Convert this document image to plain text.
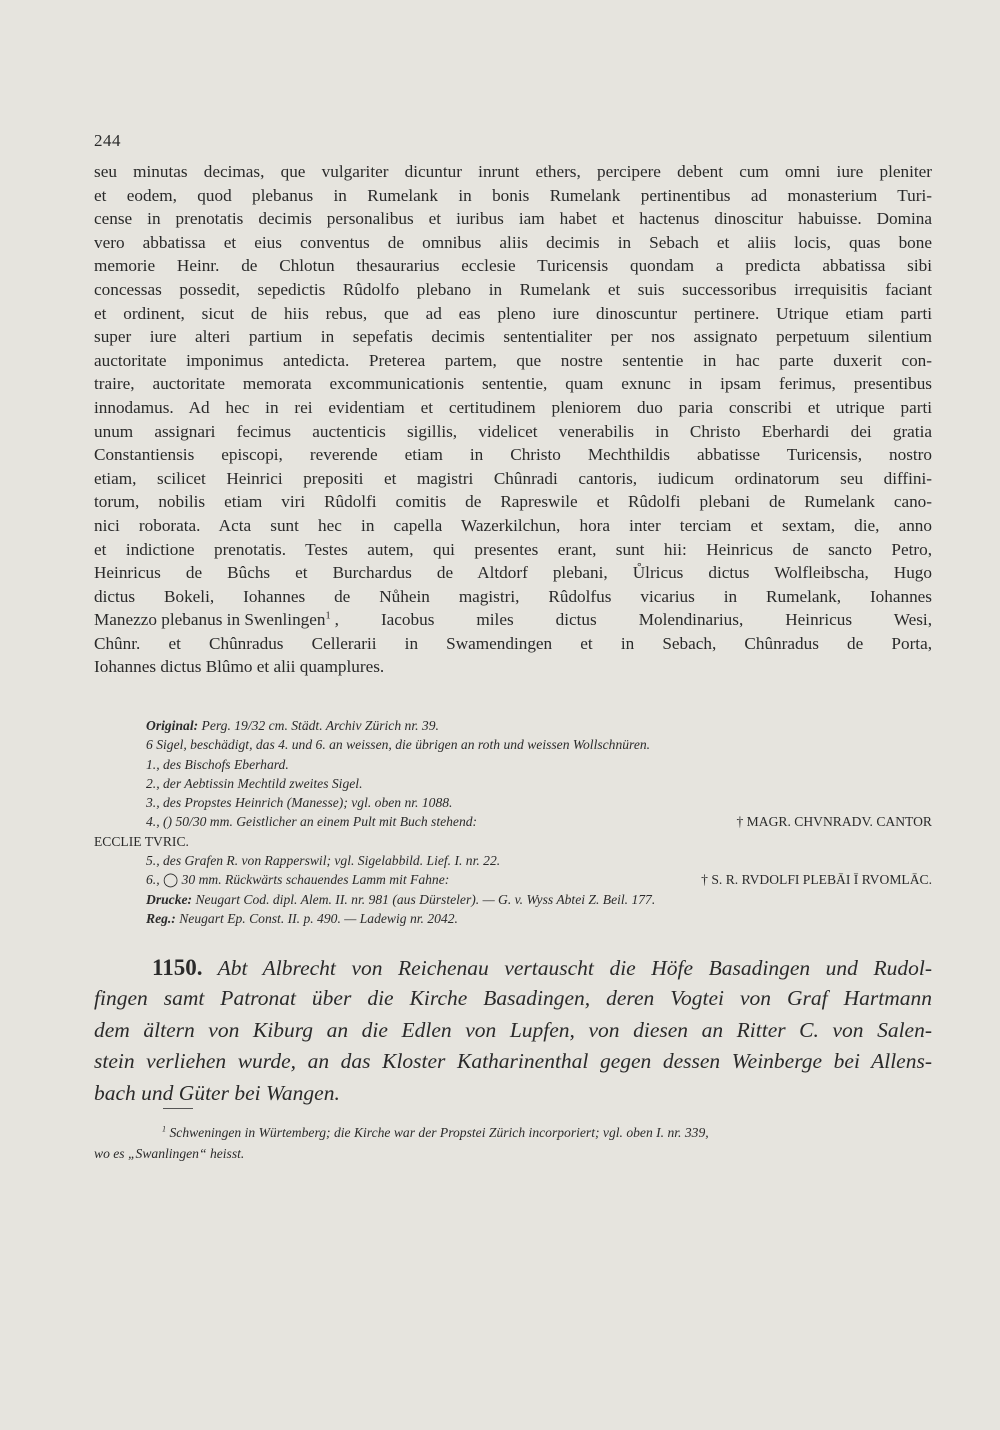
244
seu minutas decimas, que vulgariter dicuntur inrunt ethers, percipere debent cum omni iure pleniter
et eodem, quod plebanus in Rumelank in bonis Rumelank pertinentibus ad monasterium Turi-
cense in prenotatis decimis personalibus et iuribus iam habet et hactenus dinoscitur habuisse. Domina
vero abbatissa et eius conventus de omnibus aliis decimis in Sebach et aliis locis, quas bone
memorie Heinr. de Chlotun thesaurarius ecclesie Turicensis quondam a predicta abbatissa sibi
concessas possedit, sepedictis Rûdolfo plebano in Rumelank et suis successoribus irrequisitis faciant
et ordinent, sicut de hiis rebus, que ad eas pleno iure dinoscuntur pertinere. Utrique etiam parti
super iure alteri partium in sepefatis decimis sententialiter per nos assignato perpetuum silentium
auctoritate imponimus antedicta. Preterea partem, que nostre sententie in hac parte duxerit con-
traire, auctoritate memorata excommunicationis sententie, quam exnunc in ipsam ferimus, presentibus
innodamus. Ad hec in rei evidentiam et certitudinem pleniorem duo paria conscribi et utrique parti
unum assignari fecimus auctenticis sigillis, videlicet venerabilis in Christo Eberhardi dei gratia
Constantiensis episcopi, reverende etiam in Christo Mechthildis abbatisse Turicensis, nostro
etiam, scilicet Heinrici prepositi et magistri Chûnradi cantoris, iudicum ordinatorum seu diffini-
torum, nobilis etiam viri Rûdolfi comitis de Rapreswile et Rûdolfi plebani de Rumelank cano-
nici roborata. Acta sunt hec in capella Wazerkilchun, hora inter terciam et sextam, die, anno
et indictione prenotatis. Testes autem, qui presentes erant, sunt hii: Heinricus de sancto Petro,
Heinricus de Bûchs et Burchardus de Altdorf plebani, Ůlricus dictus Wolfleibscha, Hugo
dictus Bokeli, Iohannes de Nůhein magistri, Rûdolfus vicarius in Rumelank, Iohannes
Manezzo plebanus in Swenlingen$^1$ , Iacobus miles dictus Molendinarius, Heinricus Wesi,
Chûnr. et Chûnradus Cellerarii in Swamendingen et in Sebach, Chûnradus de Porta,
Iohannes dictus Blûmo et alii quamplures.
Original: Perg. 19/32 cm. Städt. Archiv Zürich nr. 39.
6 Sigel, beschädigt, das 4. und 6. an weissen, die übrigen an roth und weissen Wollschnüren.
1., des Bischofs Eberhard.
2., der Aebtissin Mechtild zweites Sigel.
3., des Propstes Heinrich (Manesse); vgl. oben nr. 1088.
4., () 50/30 mm. Geistlicher an einem Pult mit Buch stehend:	† MAGR. CHVNRADV. CANTOR
ECCLIE TVRIC.
5., des Grafen R. von Rapperswil; vgl. Sigelabbild. Lief. I. nr. 22.
6., ◯ 30 mm. Rückwärts schauendes Lamm mit Fahne:	† S. R. RVDOLFI PLEBĀI Ī RVOMLĀC.
Drucke: Neugart Cod. dipl. Alem. II. nr. 981 (aus Dürsteler). — G. v. Wyss Abtei Z. Beil. 177.
Reg.: Neugart Ep. Const. II. p. 490. — Ladewig nr. 2042.
1150. Abt Albrecht von Reichenau vertauscht die Höfe Basadingen und Rudol-
fingen samt Patronat über die Kirche Basadingen, deren Vogtei von Graf Hartmann
dem ältern von Kiburg an die Edlen von Lupfen, von diesen an Ritter C. von Salen-
stein verliehen wurde, an das Kloster Katharinenthal gegen dessen Weinberge bei Allens-
bach und Güter bei Wangen.
$^1$ Schweningen in Würtemberg; die Kirche war der Propstei Zürich incorporiert; vgl. oben I. nr. 339,
wo es „Swanlingen“ heisst.
